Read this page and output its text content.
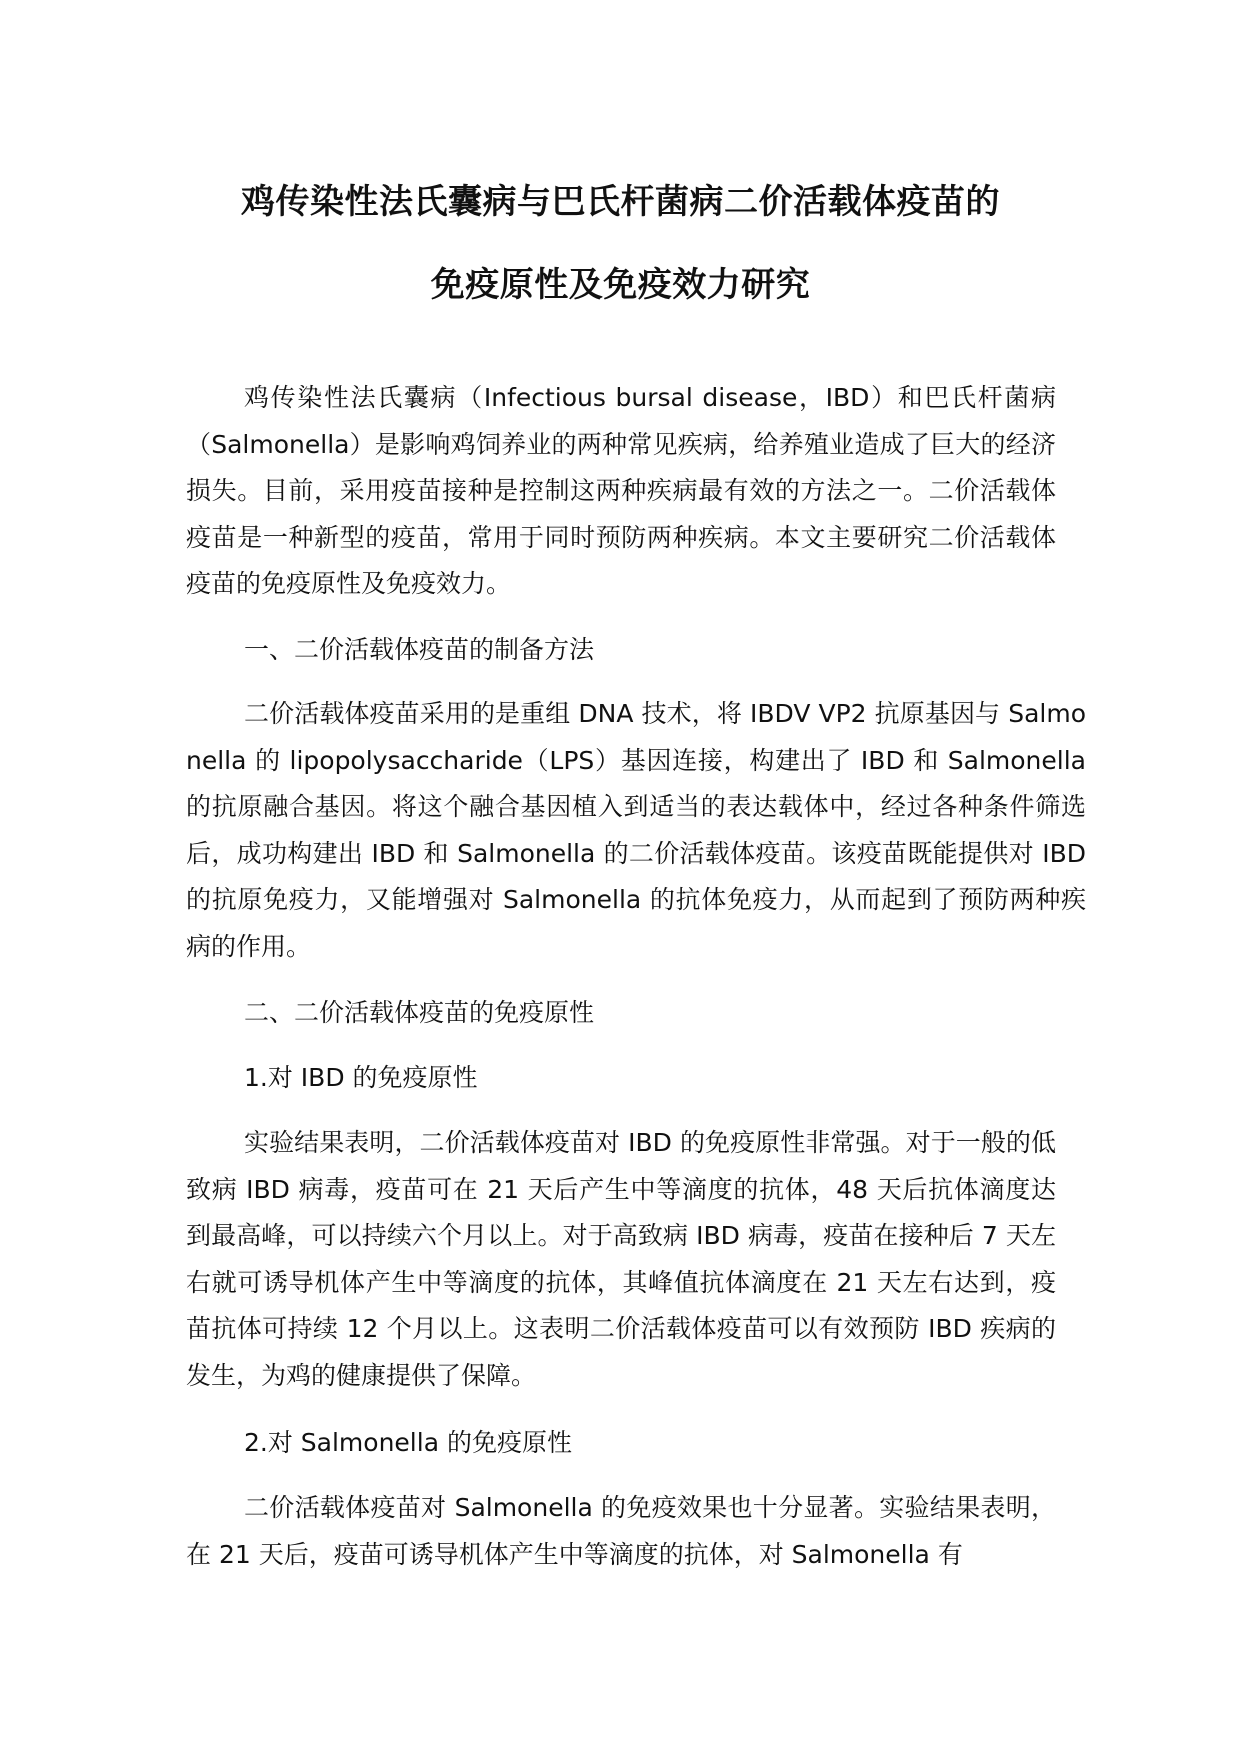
鸡传染性法氏囊病与巴氏杆菌病二价活载体疫苗的
免疫原性及免疫效力研究

鸡传染性法氏囊病（Infectious bursal disease，IBD）和巴氏杆菌病（Salmonella）是影响鸡饲养业的两种常见疾病，给养殖业造成了巨大的经济损失。目前，采用疫苗接种是控制这两种疾病最有效的方法之一。二价活载体疫苗是一种新型的疫苗，常用于同时预防两种疾病。本文主要研究二价活载体疫苗的免疫原性及免疫效力。

一、二价活载体疫苗的制备方法

二价活载体疫苗采用的是重组 DNA 技术，将 IBDV VP2 抗原基因与 Salmonella 的 lipopolysaccharide（LPS）基因连接，构建出了 IBD 和 Salmonella 的抗原融合基因。将这个融合基因植入到适当的表达载体中，经过各种条件筛选后，成功构建出 IBD 和 Salmonella 的二价活载体疫苗。该疫苗既能提供对 IBD 的抗原免疫力，又能增强对 Salmonella 的抗体免疫力，从而起到了预防两种疾病的作用。

二、二价活载体疫苗的免疫原性

1.对 IBD 的免疫原性

实验结果表明，二价活载体疫苗对 IBD 的免疫原性非常强。对于一般的低致病 IBD 病毒，疫苗可在 21 天后产生中等滴度的抗体，48 天后抗体滴度达到最高峰，可以持续六个月以上。对于高致病 IBD 病毒，疫苗在接种后 7 天左右就可诱导机体产生中等滴度的抗体，其峰值抗体滴度在 21 天左右达到，疫苗抗体可持续 12 个月以上。这表明二价活载体疫苗可以有效预防 IBD 疾病的发生，为鸡的健康提供了保障。

2.对 Salmonella 的免疫原性

二价活载体疫苗对 Salmonella 的免疫效果也十分显著。实验结果表明，在 21 天后，疫苗可诱导机体产生中等滴度的抗体，对 Salmonella 有
